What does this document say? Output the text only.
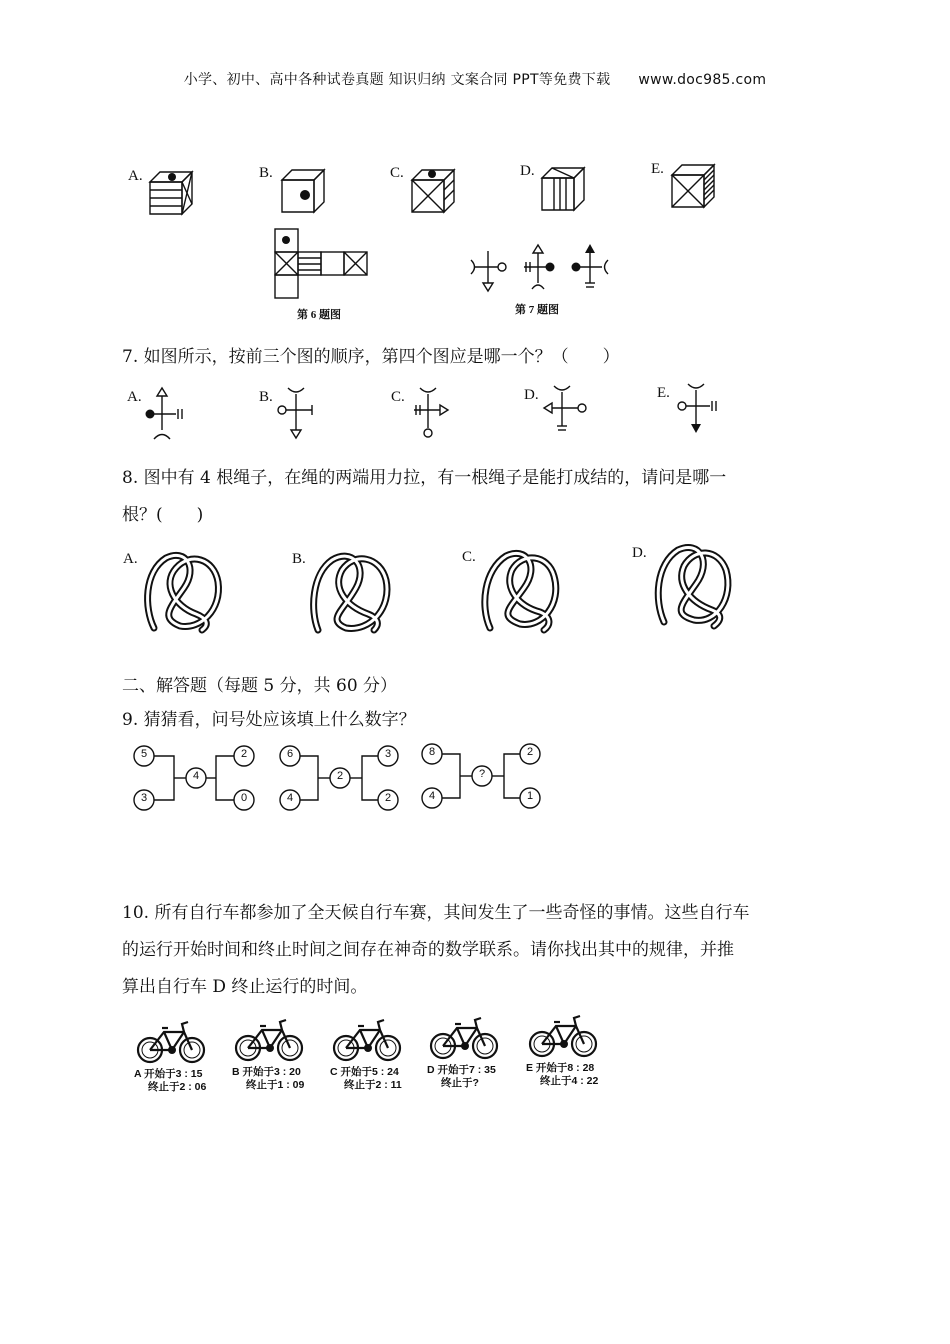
小学、初中、高中各种试卷真题 知识归纳 文案合同 PPT等免费下载 www.doc985.com
A.	B.	C.	D.	E.
第 6 题图	第 7 题图
7. 如图所示，按前三个图的顺序，第四个图应是哪一个？（　　）
A.	B.	C.	D.	E.
8. 图中有 4 根绳子，在绳的两端用力拉，有一根绳子是能打成结的，请问是哪一
根？(　　)
A.	B.	C.	D.
二、解答题（每题 5 分，共 60 分）
9. 猜猜看，问号处应该填上什么数字？
5
3
4
2
0
6
4
2
3
2
8
4
?
2
1
10. 所有自行车都参加了全天候自行车赛，其间发生了一些奇怪的事情。这些自行车
的运行开始时间和终止时间之间存在神奇的数学联系。请你找出其中的规律，并推
算出自行车 D 终止运行的时间。
A 开始于3 : 15
终止于2 : 06
B 开始于3 : 20
终止于1 : 09
C 开始于5 : 24
终止于2 : 11
D 开始于7 : 35
终止于?
E 开始于8 : 28
终止于4 : 22
